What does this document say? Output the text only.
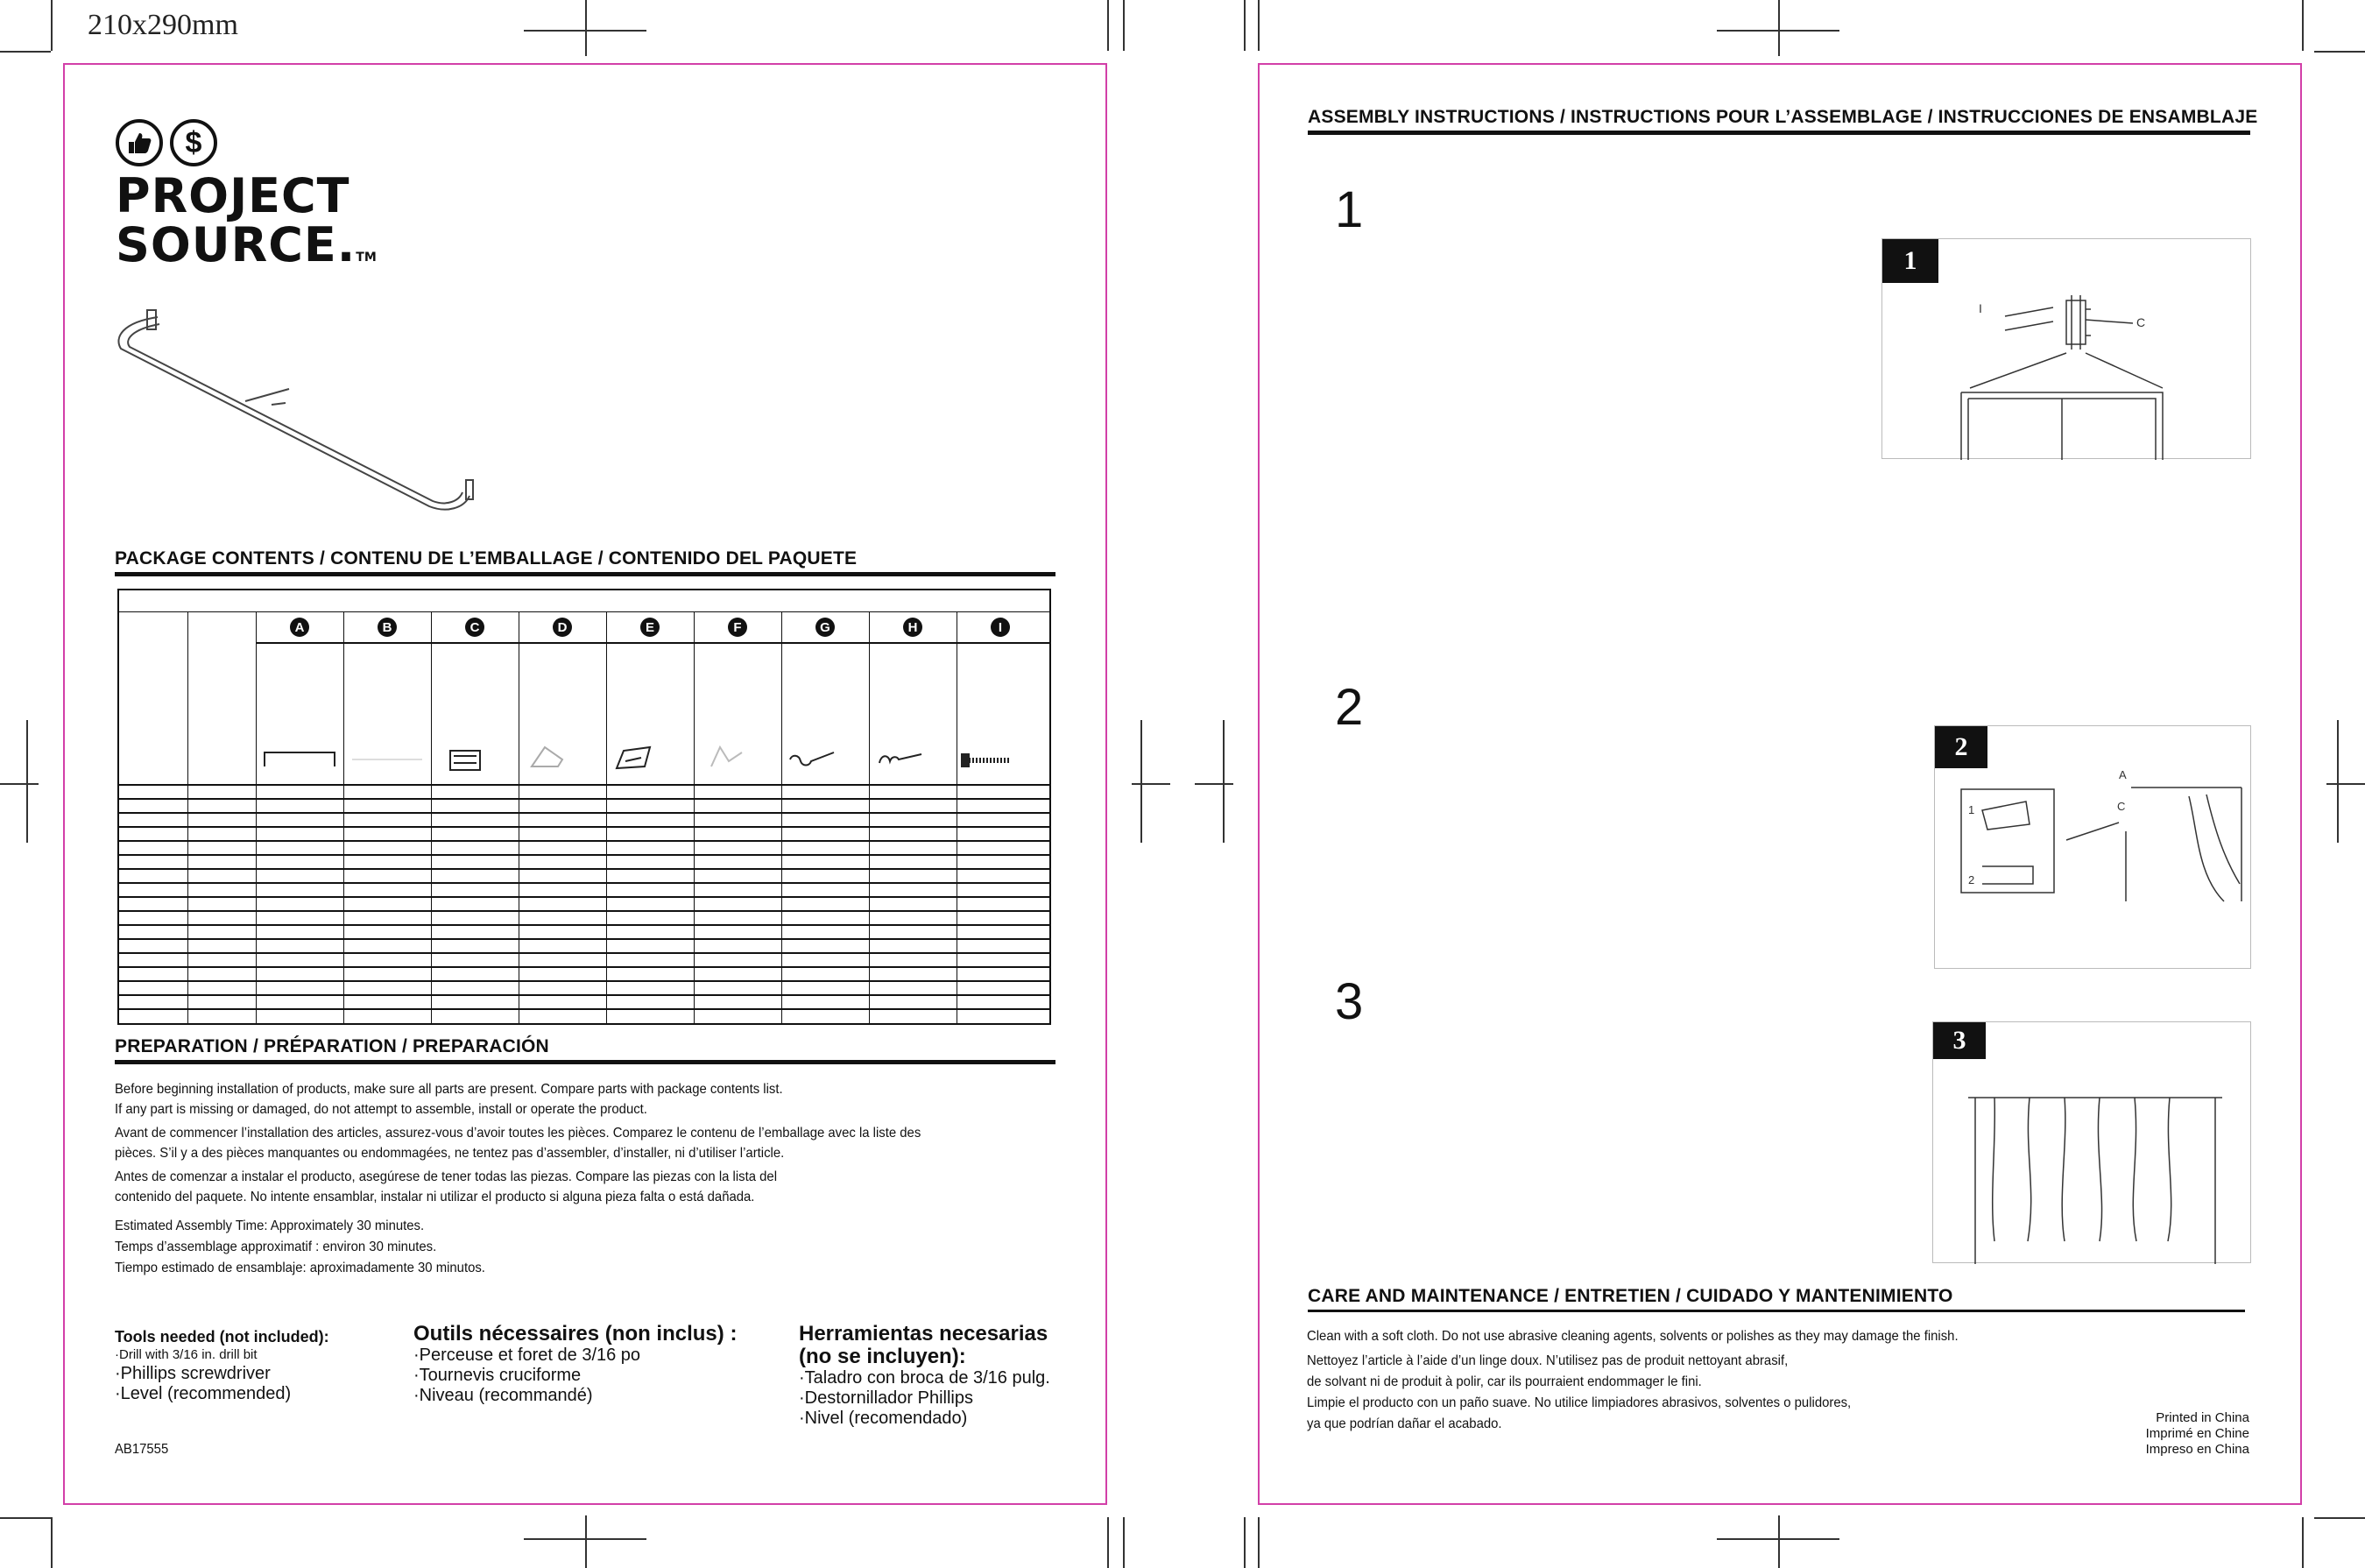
210x290mm
$
PROJECT
SOURCE.TM
PACKAGE CONTENTS / CONTENU DE L’EMBALLAGE / CONTENIDO DEL PAQUETE
A	B	C	D	E	F	G	H	I
PREPARATION / PRÉPARATION / PREPARACIÓN
Before beginning installation of products, make sure all parts are present. Compare parts with package contents list.
If any part is missing or damaged, do not attempt to assemble, install or operate the product.
Avant de commencer l’installation des articles, assurez-vous d’avoir toutes les pièces. Comparez le contenu de l’emballage avec la liste des
pièces. S’il y a des pièces manquantes ou endommagées, ne tentez pas d’assembler, d’installer, ni d’utiliser l’article.
Antes de comenzar a instalar el producto, asegúrese de tener todas las piezas. Compare las piezas con la lista del
contenido del paquete. No intente ensamblar, instalar ni utilizar el producto si alguna pieza falta o está dañada.
Estimated Assembly Time: Approximately 30 minutes.
Temps d’assemblage approximatif : environ 30 minutes.
Tiempo estimado de ensamblaje: aproximadamente 30 minutos.
Tools needed (not included):
·Drill with 3/16 in. drill bit
·Phillips screwdriver
·Level (recommended)
Outils nécessaires (non inclus) :
·Perceuse et foret de 3/16 po
·Tournevis cruciforme
·Niveau (recommandé)
Herramientas necesarias
(no se incluyen):
·Taladro con broca de 3/16 pulg.
·Destornillador Phillips
·Nivel (recomendado)
AB17555
ASSEMBLY INSTRUCTIONS / INSTRUCTIONS POUR L’ASSEMBLAGE / INSTRUCCIONES DE ENSAMBLAJE
1
1
I
C
2
2
A
C
1
2
3
3
CARE AND MAINTENANCE / ENTRETIEN / CUIDADO Y MANTENIMIENTO
Clean with a soft cloth. Do not use abrasive cleaning agents, solvents or polishes as they may damage the finish.
Nettoyez l’article à l’aide d’un linge doux. N’utilisez pas de produit nettoyant abrasif,
de solvant ni de produit à polir, car ils pourraient endommager le fini.
Limpie el producto con un paño suave. No utilice limpiadores abrasivos, solventes o pulidores,
ya que podrían dañar el acabado.	Printed in China
Imprimé en Chine
Impreso en China
